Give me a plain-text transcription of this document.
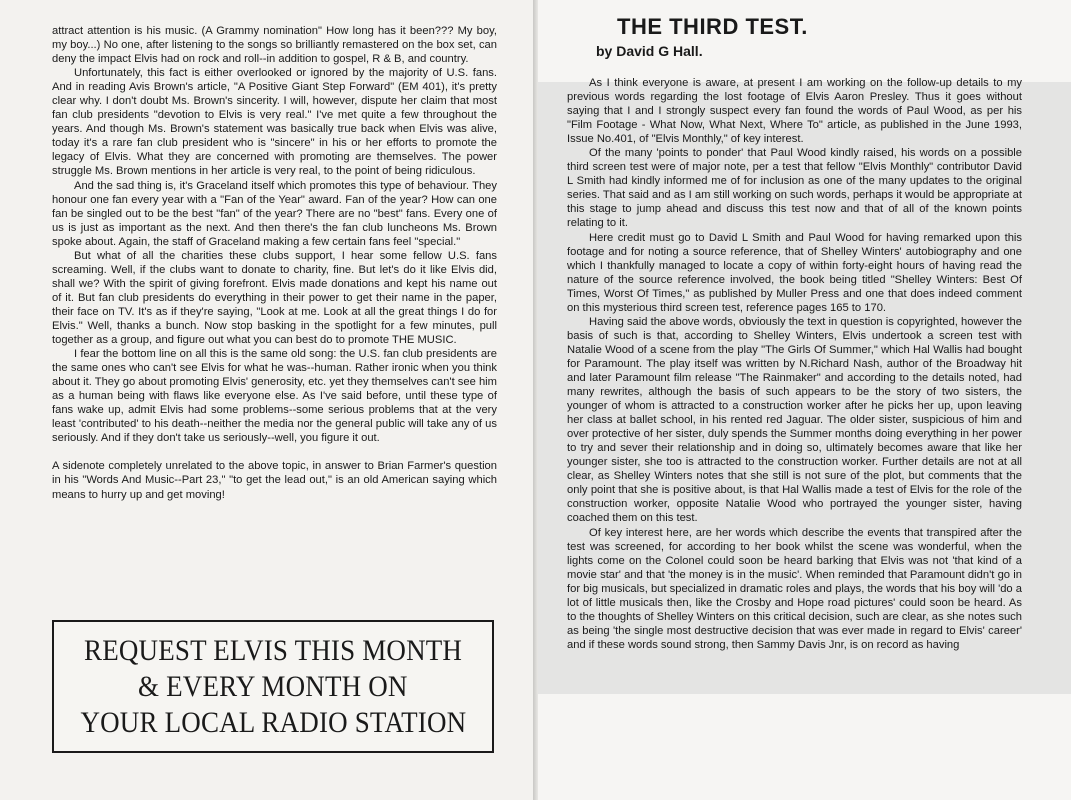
attract attention is his music. (A Grammy nomination" How long has it been??? My boy, my boy...) No one, after listening to the songs so brilliantly remastered on the box set, can deny the impact Elvis had on rock and roll--in addition to gospel, R & B, and country.

Unfortunately, this fact is either overlooked or ignored by the majority of U.S. fans. And in reading Avis Brown's article, "A Positive Giant Step Forward" (EM 401), it's pretty clear why. I don't doubt Ms. Brown's sincerity. I will, however, dispute her claim that most fan club presidents "devotion to Elvis is very real." I've met quite a few throughout the years. And though Ms. Brown's statement was basically true back when Elvis was alive, today it's a rare fan club president who is "sincere" in his or her efforts to promote the legacy of Elvis. What they are concerned with promoting are themselves. The power struggle Ms. Brown mentions in her article is very real, to the point of being ridiculous.

And the sad thing is, it's Graceland itself which promotes this type of behaviour. They honour one fan every year with a "Fan of the Year" award. Fan of the year? How can one fan be singled out to be the best "fan" of the year? There are no "best" fans. Every one of us is just as important as the next. And then there's the fan club luncheons Ms. Brown spoke about. Again, the staff of Graceland making a few certain fans feel "special."

But what of all the charities these clubs support, I hear some fellow U.S. fans screaming. Well, if the clubs want to donate to charity, fine. But let's do it like Elvis did, shall we? With the spirit of giving forefront. Elvis made donations and kept his name out of it. But fan club presidents do everything in their power to get their name in the paper, their face on TV. It's as if they're saying, "Look at me. Look at all the great things I do for Elvis." Well, thanks a bunch. Now stop basking in the spotlight for a few minutes, pull together as a group, and figure out what you can best do to promote THE MUSIC.

I fear the bottom line on all this is the same old song: the U.S. fan club presidents are the same ones who can't see Elvis for what he was--human. Rather ironic when you think about it. They go about promoting Elvis' generosity, etc. yet they themselves can't see him as a human being with flaws like everyone else. As I've said before, until these type of fans wake up, admit Elvis had some problems--some serious problems that at the very least 'contributed' to his death--neither the media nor the general public will take any of us seriously. And if they don't take us seriously--well, you figure it out.

A sidenote completely unrelated to the above topic, in answer to Brian Farmer's question in his "Words And Music--Part 23," "to get the lead out," is an old American saying which means to hurry up and get moving!

REQUEST ELVIS THIS MONTH
& EVERY MONTH ON
YOUR LOCAL RADIO STATION
THE THIRD TEST.
by David G Hall.

As I think everyone is aware, at present I am working on the follow-up details to my previous words regarding the lost footage of Elvis Aaron Presley. Thus it goes without saying that I and I strongly suspect every fan found the words of Paul Wood, as per his "Film Footage - What Now, What Next, Where To" article, as published in the June 1993, Issue No.401, of "Elvis Monthly," of key interest.

Of the many 'points to ponder' that Paul Wood kindly raised, his words on a possible third screen test were of major note, per a test that fellow "Elvis Monthly" contributor David L Smith had kindly informed me of for inclusion as one of the many updates to the original series. That said and as I am still working on such words, perhaps it would be appropriate at this stage to jump ahead and discuss this test now and that of all of the known points relating to it.

Here credit must go to David L Smith and Paul Wood for having remarked upon this footage and for noting a source reference, that of Shelley Winters' autobiography and one which I thankfully managed to locate a copy of within forty-eight hours of having read the nature of the source reference involved, the book being titled "Shelley Winters: Best Of Times, Worst Of Times," as published by Muller Press and one that does indeed comment on this mysterious third screen test, reference pages 165 to 170.

Having said the above words, obviously the text in question is copyrighted, however the basis of such is that, according to Shelley Winters, Elvis undertook a screen test with Natalie Wood of a scene from the play "The Girls Of Summer," which Hal Wallis had bought for Paramount. The play itself was written by N.Richard Nash, author of the Broadway hit and later Paramount film release "The Rainmaker" and according to the details noted, had many rewrites, although the basis of such appears to be the story of two sisters, the younger of whom is attracted to a construction worker after he picks her up, upon leaving her class at ballet school, in his rented red Jaguar. The older sister, suspicious of him and over protective of her sister, duly spends the Summer months doing everything in her power to try and sever their relationship and in doing so, ultimately becomes aware that like her younger sister, she too is attracted to the construction worker. Further details are not at all clear, as Shelley Winters notes that she still is not sure of the plot, but comments that the only point that she is positive about, is that Hal Wallis made a test of Elvis for the role of the construction worker, opposite Natalie Wood who portrayed the younger sister, having coached them on this test.

Of key interest here, are her words which describe the events that transpired after the test was screened, for according to her book whilst the scene was wonderful, when the lights come on the Colonel could soon be heard barking that Elvis was not 'that kind of a movie star' and that 'the money is in the music'. When reminded that Paramount didn't go in for big musicals, but specialized in dramatic roles and plays, the words that his boy will 'do a lot of little musicals then, like the Crosby and Hope road pictures' could soon be heard. As to the thoughts of Shelley Winters on this critical decision, such are clear, as she notes such as being 'the single most destructive decision that was ever made in regard to Elvis' career' and if these words sound strong, then Sammy Davis Jnr, is on record as having
